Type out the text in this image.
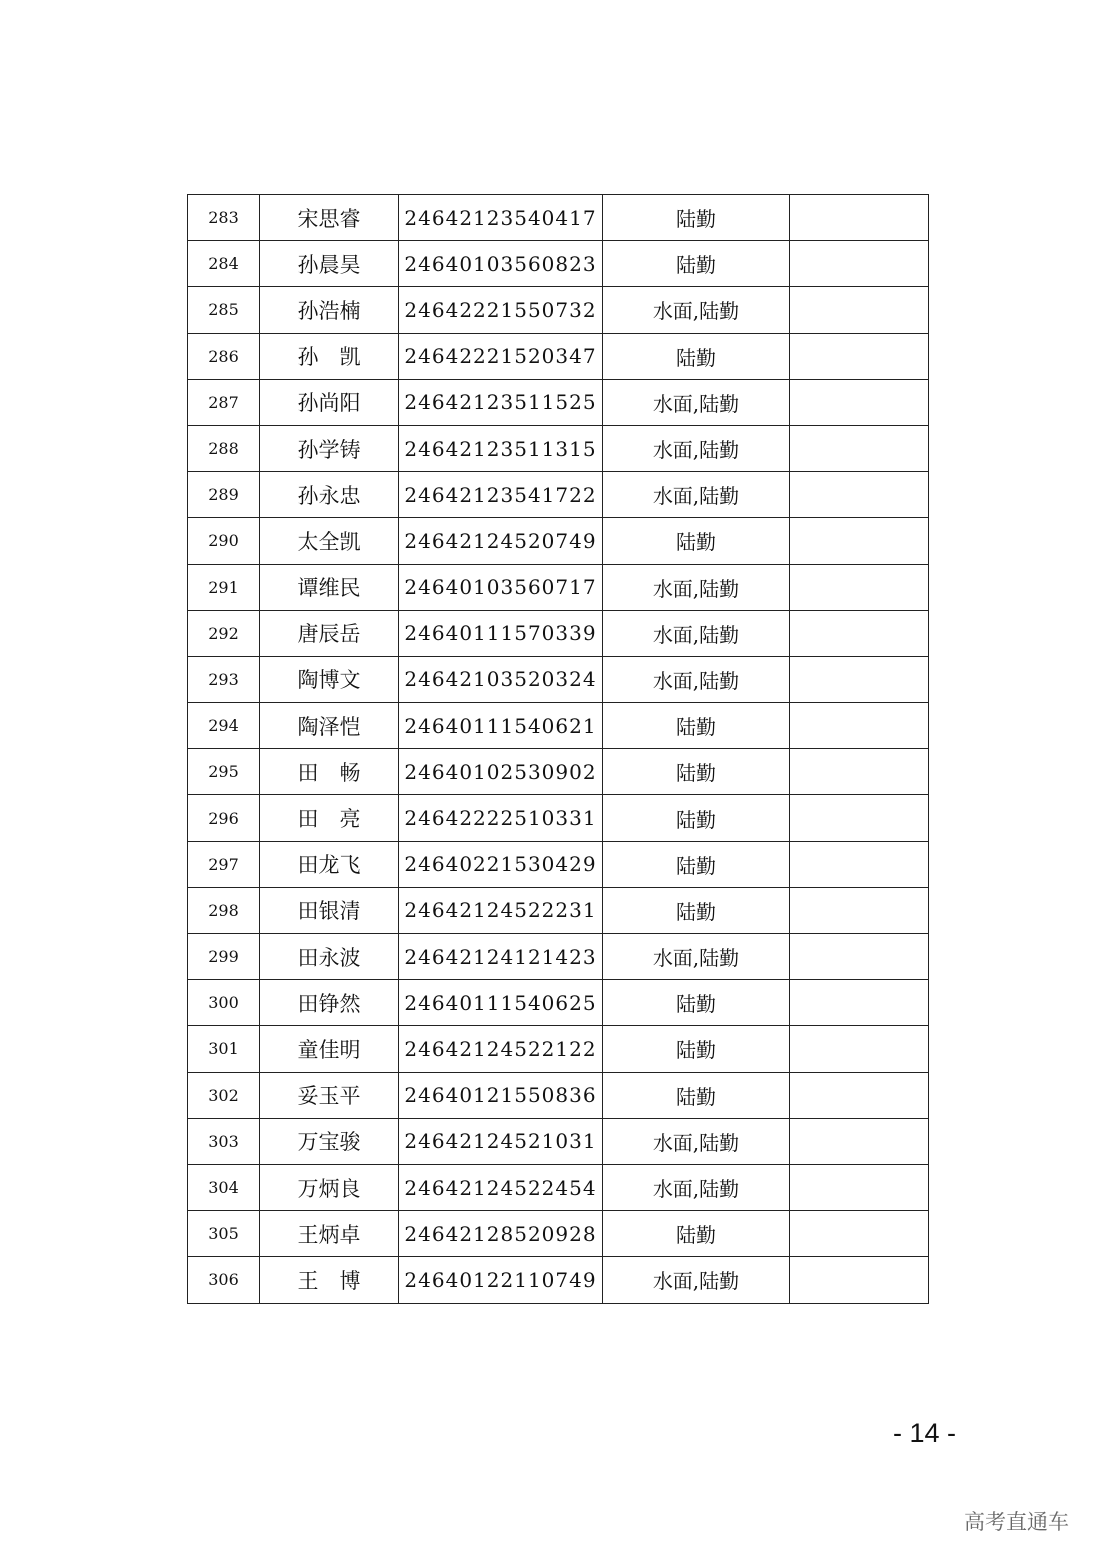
283	宋思睿	24642123540417	陆勤	
284	孙晨昊	24640103560823	陆勤	
285	孙浩楠	24642221550732	水面,陆勤	
286	孙　凯	24642221520347	陆勤	
287	孙尚阳	24642123511525	水面,陆勤	
288	孙学铸	24642123511315	水面,陆勤	
289	孙永忠	24642123541722	水面,陆勤	
290	太全凯	24642124520749	陆勤	
291	谭维民	24640103560717	水面,陆勤	
292	唐辰岳	24640111570339	水面,陆勤	
293	陶博文	24642103520324	水面,陆勤	
294	陶泽恺	24640111540621	陆勤	
295	田　畅	24640102530902	陆勤	
296	田　亮	24642222510331	陆勤	
297	田龙飞	24640221530429	陆勤	
298	田银清	24642124522231	陆勤	
299	田永波	24642124121423	水面,陆勤	
300	田铮然	24640111540625	陆勤	
301	童佳明	24642124522122	陆勤	
302	妥玉平	24640121550836	陆勤	
303	万宝骏	24642124521031	水面,陆勤	
304	万炳良	24642124522454	水面,陆勤	
305	王炳卓	24642128520928	陆勤	
306	王　博	24640122110749	水面,陆勤	
- 14 -
高考直通车
